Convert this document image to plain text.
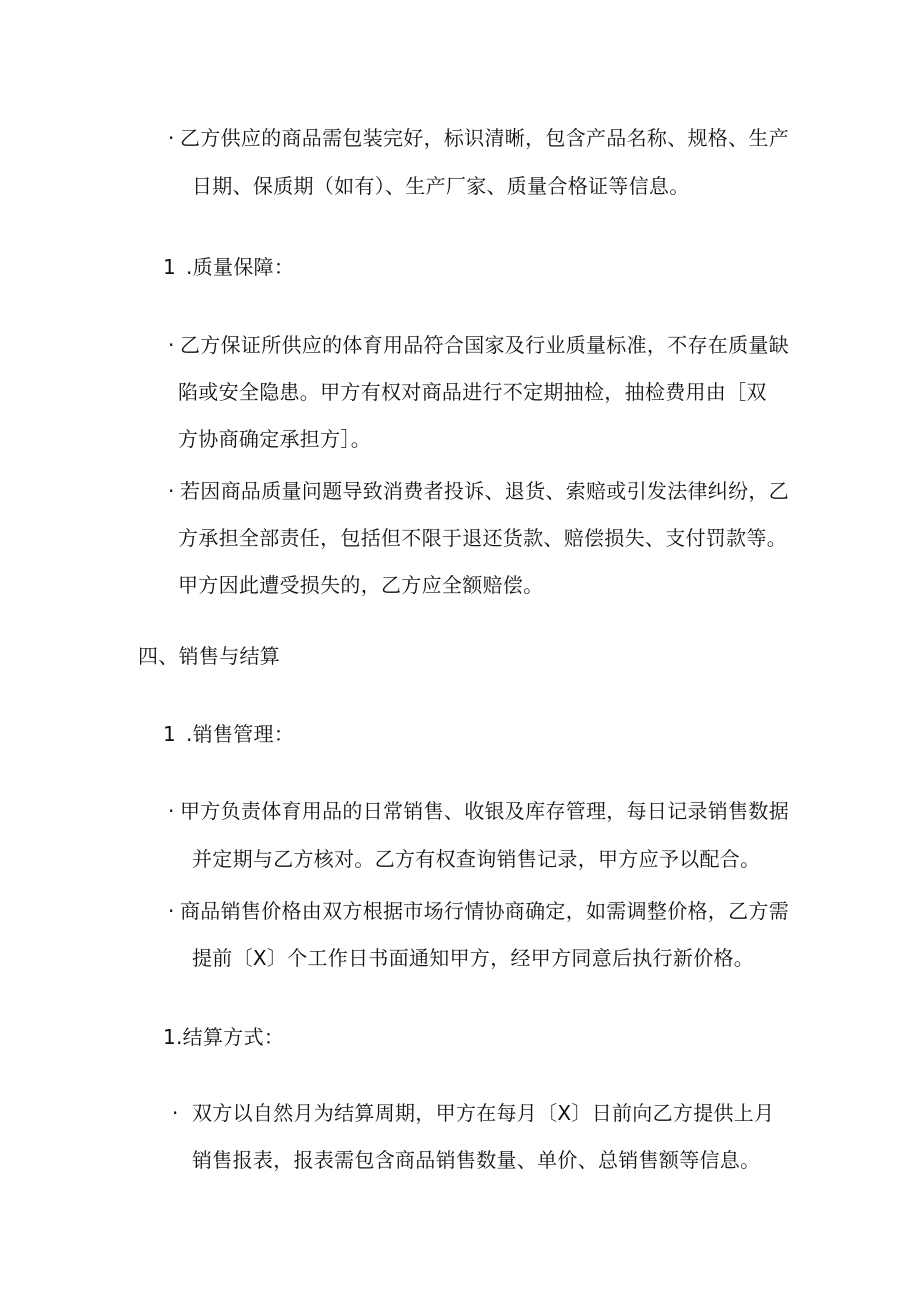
· 乙方供应的商品需包装完好，标识清晰，包含产品名称、规格、生产
日期、保质期（如有）、生产厂家、质量合格证等信息。
1 .质量保障：
· 乙方保证所供应的体育用品符合国家及行业质量标准，不存在质量缺
陷或安全隐患。甲方有权对商品进行不定期抽检，抽检费用由［双
方协商确定承担方］。
· 若因商品质量问题导致消费者投诉、退货、索赔或引发法律纠纷，乙
方承担全部责任，包括但不限于退还货款、赔偿损失、支付罚款等。
甲方因此遭受损失的，乙方应全额赔偿。
四、销售与结算
1 .销售管理：
· 甲方负责体育用品的日常销售、收银及库存管理，每日记录销售数据
并定期与乙方核对。乙方有权查询销售记录，甲方应予以配合。
· 商品销售价格由双方根据市场行情协商确定，如需调整价格，乙方需
提前〔X〕个工作日书面通知甲方，经甲方同意后执行新价格。
1.结算方式：
· 双方以自然月为结算周期，甲方在每月〔X〕日前向乙方提供上月
销售报表，报表需包含商品销售数量、单价、总销售额等信息。
